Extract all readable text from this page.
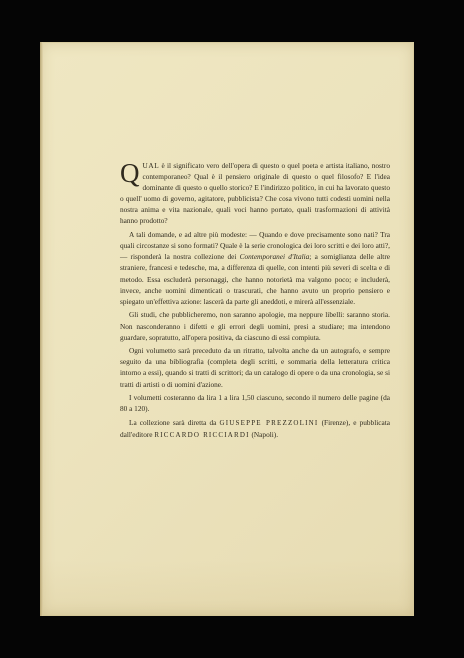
QUAL è il significato vero dell'opera di questo o quel poeta e artista italiano, nostro contemporaneo? Qual è il pensiero originale di questo o quel filosofo? E l'idea dominante di questo o quello storico? E l'indirizzo politico, in cui ha lavorato questo o quell' uomo di governo, agitatore, pubblicista? Che cosa vivono tutti codesti uomini nella nostra anima e vita nazionale, quali voci hanno portato, quali trasformazioni di attività hanno prodotto?

A tali domande, e ad altre più modeste: — Quando e dove precisamente sono nati? Tra quali circostanze si sono formati? Quale è la serie cronologica dei loro scritti e dei loro atti?, — risponderà la nostra collezione dei Contemporanei d'Italia; a somiglianza delle altre straniere, francesi e tedesche, ma, a differenza di quelle, con intenti più severi di scelta e di metodo. Essa escluderà personaggi, che hanno notorietà ma valgono poco; e includerà, invece, anche uomini dimenticati o trascurati, che hanno avuto un proprio pensiero e spiegato un'effettiva azione: lascerà da parte gli aneddoti, e mirerà all'essenziale.

Gli studi, che pubblicheremo, non saranno apologie, ma neppure libelli: saranno storia. Non nasconderanno i difetti e gli errori degli uomini, presi a studiare; ma intendono guardare, sopratutto, all'opera positiva, da ciascuno di essi compiuta.

Ogni volumetto sarà preceduto da un ritratto, talvolta anche da un autografo, e sempre seguito da una bibliografia (completa degli scritti, e sommaria della letteratura critica intorno a essi), quando si tratti di scrittori; da un catalogo di opere o da una cronologia, se si tratti di artisti o di uomini d'azione.

I volumetti costeranno da lira 1 a lira 1,50 ciascuno, secondo il numero delle pagine (da 80 a 120).

La collezione sarà diretta da GIUSEPPE PREZZOLINI (Firenze), e pubblicata dall'editore RICCARDO RICCIARDI (Napoli).
